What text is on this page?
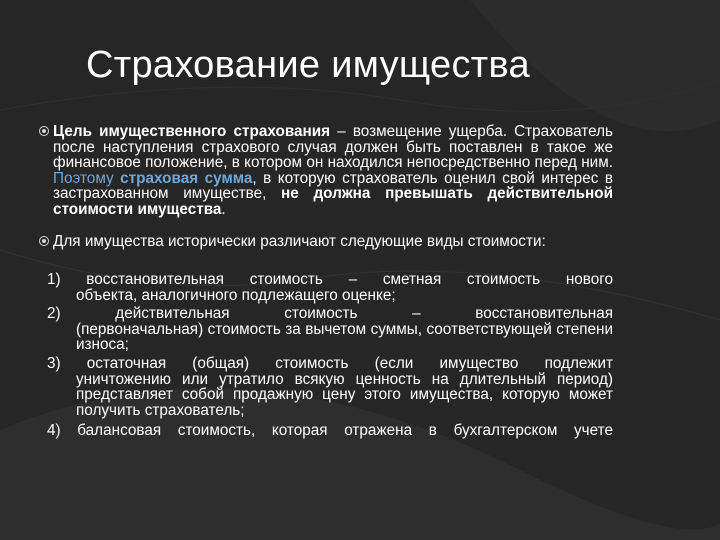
Страхование имущества
Цель имущественного страхования – возмещение ущерба. Страхователь после наступления страхового случая должен быть поставлен в такое же финансовое положение, в котором он находился непосредственно перед ним. Поэтому страховая сумма, в которую страхователь оценил свой интерес в застрахованном имуществе, не должна превышать действительной стоимости имущества.
Для имущества исторически различают следующие виды стоимости:
1) восстановительная стоимость – сметная стоимость нового
объекта, аналогичного подлежащего оценке;
2) действительная стоимость – восстановительная
(первоначальная) стоимость за вычетом суммы, соответствующей степени износа;
3) остаточная (общая) стоимость (если имущество подлежит
уничтожению или утратило всякую ценность на длительный период) представляет собой продажную цену этого имущества, которую может получить страхователь;
4) балансовая стоимость, которая отражена в бухгалтерском учете
